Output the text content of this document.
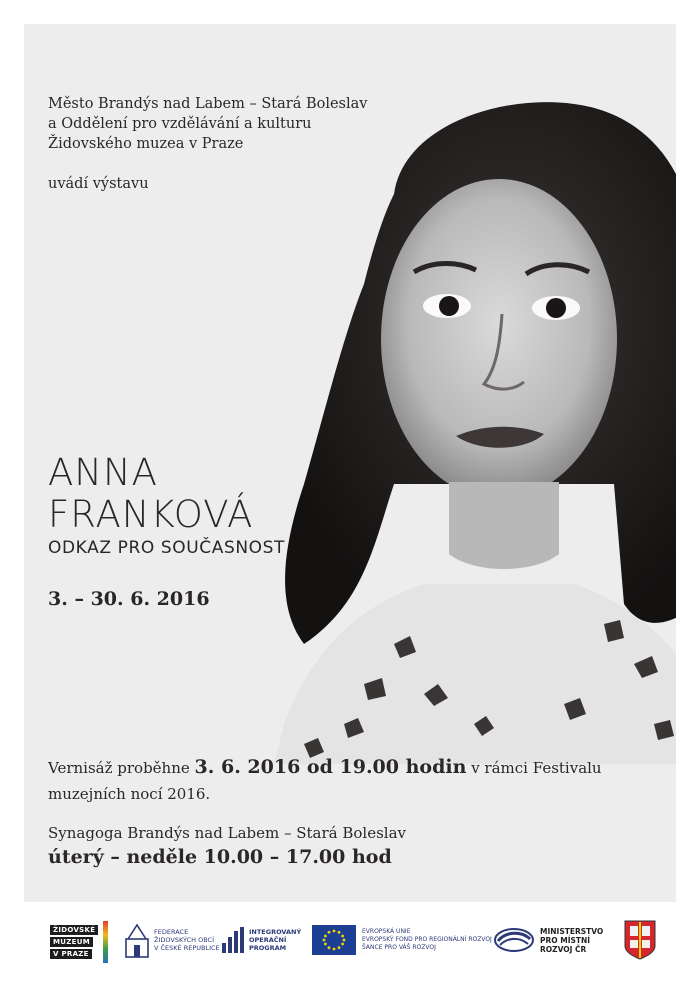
Město Brandýs nad Labem – Stará Boleslav
a Oddělení pro vzdělávání a kulturu
Židovského muzea v Praze
uvádí výstavu
ANNA
FRANKOVÁ
ODKAZ PRO SOUČASNOST
3. – 30. 6. 2016
Vernisáž proběhne 3. 6. 2016 od 19.00 hodin v rámci Festivalu muzejních nocí 2016.
Synagoga Brandýs nad Labem – Stará Boleslav
úterý – neděle 10.00 – 17.00 hod
ŽIDOVSKÉ
MUZEUM
V PRAZE
FEDERACE
ŽIDOVSKÝCH OBCÍ
V ČESKÉ REPUBLICE
INTEGROVANÝ
OPERAČNÍ
PROGRAM
EVROPSKÁ UNIE
EVROPSKÝ FOND PRO REGIONÁLNÍ ROZVOJ
ŠANCE PRO VÁŠ ROZVOJ
MINISTERSTVO
PRO MÍSTNÍ
ROZVOJ ČR
